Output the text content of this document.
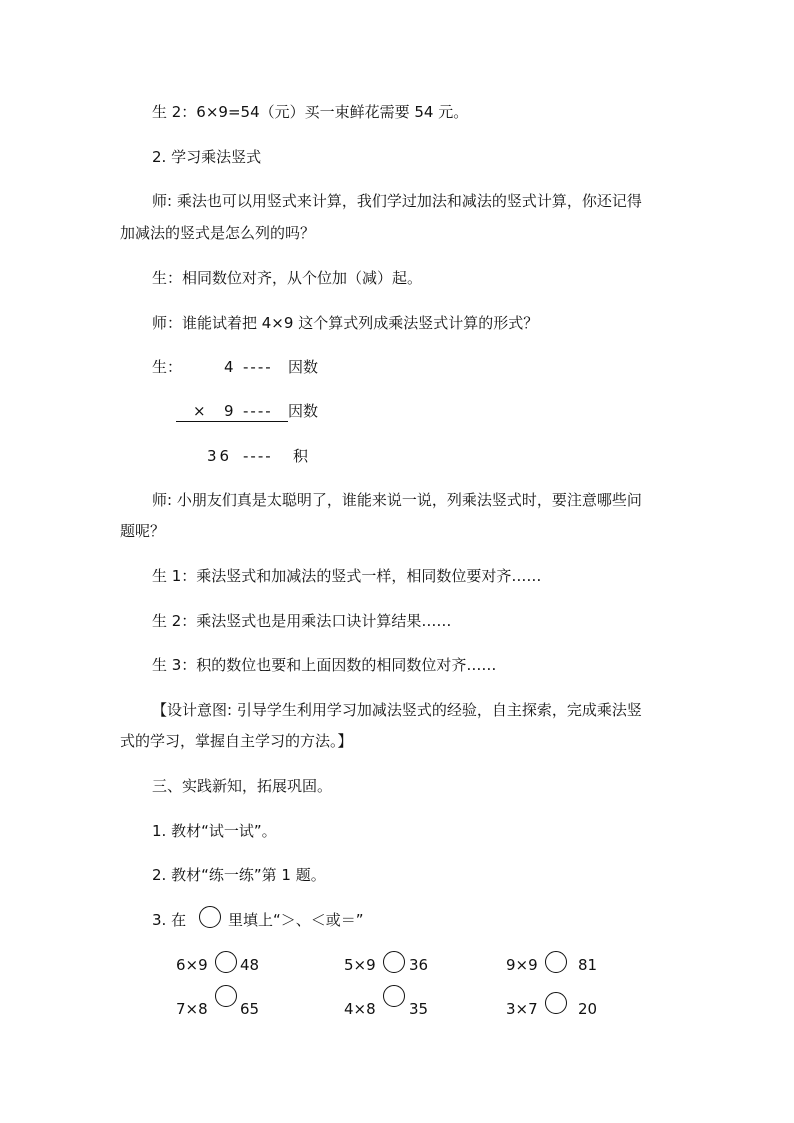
生 2：6×9=54（元）买一束鲜花需要 54 元。
2. 学习乘法竖式
师: 乘法也可以用竖式来计算，我们学过加法和减法的竖式计算，你还记得
加减法的竖式是怎么列的吗？
生：相同数位对齐，从个位加（减）起。
师：谁能试着把 4×9 这个算式列成乘法竖式计算的形式？
生：	4 ---- 因数
× 9 ---- 因数
36 ---- 积
师: 小朋友们真是太聪明了，谁能来说一说，列乘法竖式时，要注意哪些问
题呢？
生 1：乘法竖式和加减法的竖式一样，相同数位要对齐……
生 2：乘法竖式也是用乘法口诀计算结果……
生 3：积的数位也要和上面因数的相同数位对齐……
【设计意图: 引导学生利用学习加减法竖式的经验，自主探索，完成乘法竖
式的学习，掌握自主学习的方法。】
三、实践新知，拓展巩固。
1. 教材“试一试”。
2. 教材“练一练”第 1 题。
3. 在	里填上“＞、＜或＝”
6×9 48	5×9 36	9×9	81
7×8 65	4×8 35	3×7	20
